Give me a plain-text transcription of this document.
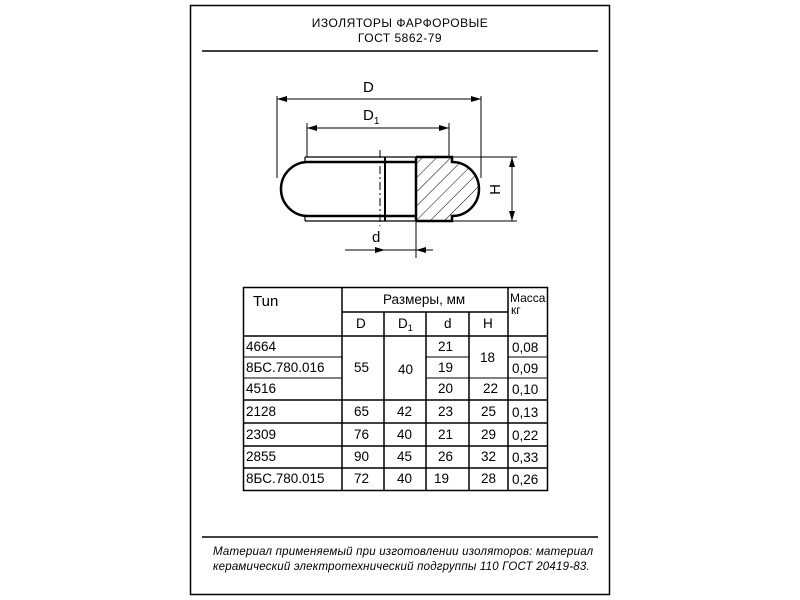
ИЗОЛЯТОРЫ ФАРФОРОВЫЕ
ГОСТ 5862-79
D
$D_1$
d
H
Tun	Размеры, мм	Масса,
кг
D $D_1$ d H
4664
8БС.780.016
4516
2128
2309
2855
8БС.780.015
55 40
21
19
20
18
22
0,08
0,09
0,10
65 42 23 25 0,13
76 40 21 29 0,22
90 45 26 32 0,33
72 40 19 28 0,26
Материал применяемый при изготовлении изоляторов: материал
керамический электротехнический подгруппы 110 ГОСТ 20419-83.
